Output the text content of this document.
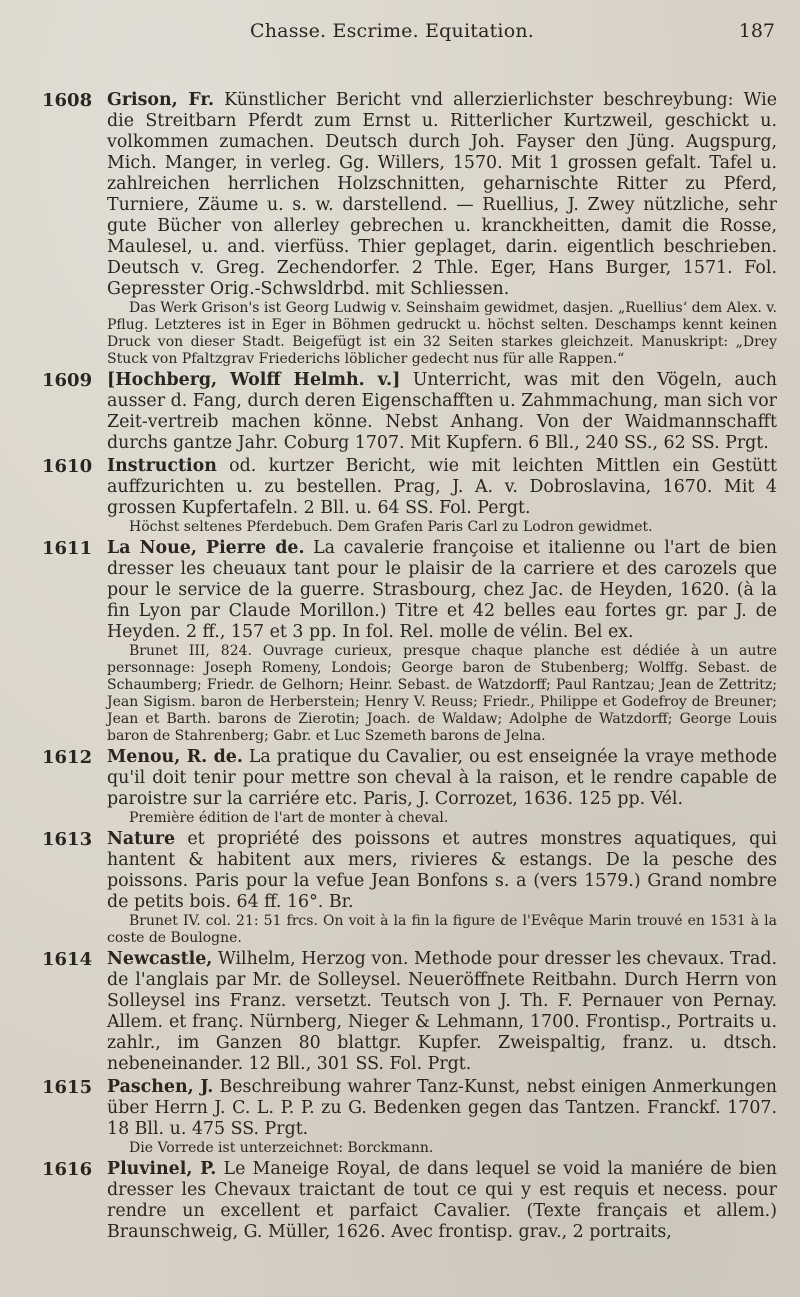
Chasse. Escrime. Equitation.	187
1608 Grison, Fr. Künstlicher Bericht vnd allerzierlichster beschreybung: Wie die Streitbarn Pferdt zum Ernst u. Ritterlicher Kurtzweil, geschickt u. volkommen zumachen. Deutsch durch Joh. Fayser den Jüng. Augspurg, Mich. Manger, in verleg. Gg. Willers, 1570. Mit 1 grossen gefalt. Tafel u. zahlreichen herrlichen Holzschnitten, geharnischte Ritter zu Pferd, Turniere, Zäume u. s. w. darstellend. — Ruellius, J. Zwey nützliche, sehr gute Bücher von allerley gebrechen u. kranckheitten, damit die Rosse, Maulesel, u. and. vierfüss. Thier geplaget, darin. eigentlich beschrieben. Deutsch v. Greg. Zechendorfer. 2 Thle. Eger, Hans Burger, 1571. Fol. Gepresster Orig.-Schwsldrbd. mit Schliessen.
Das Werk Grison's ist Georg Ludwig v. Seinshaim gewidmet, dasjen. „Ruellius‘ dem Alex. v. Pflug. Letzteres ist in Eger in Böhmen gedruckt u. höchst selten. Deschamps kennt keinen Druck von dieser Stadt. Beigefügt ist ein 32 Seiten starkes gleichzeit. Manuskript: „Drey Stuck von Pfaltzgrav Friederichs löblicher gedecht nus für alle Rappen.“
1609 [Hochberg, Wolff Helmh. v.] Unterricht, was mit den Vögeln, auch ausser d. Fang, durch deren Eigenschafften u. Zahmmachung, man sich vor Zeit-vertreib machen könne. Nebst Anhang. Von der Waidmannschafft durchs gantze Jahr. Coburg 1707. Mit Kupfern. 6 Bll., 240 SS., 62 SS. Prgt.
1610 Instruction od. kurtzer Bericht, wie mit leichten Mittlen ein Gestütt auffzurichten u. zu bestellen. Prag, J. A. v. Dobroslavina, 1670. Mit 4 grossen Kupfertafeln. 2 Bll. u. 64 SS. Fol. Pergt.
Höchst seltenes Pferdebuch. Dem Grafen Paris Carl zu Lodron gewidmet.
1611 La Noue, Pierre de. La cavalerie françoise et italienne ou l'art de bien dresser les cheuaux tant pour le plaisir de la carriere et des carozels que pour le service de la guerre. Strasbourg, chez Jac. de Heyden, 1620. (à la fin Lyon par Claude Morillon.) Titre et 42 belles eau fortes gr. par J. de Heyden. 2 ff., 157 et 3 pp. In fol. Rel. molle de vélin. Bel ex.
Brunet III, 824. Ouvrage curieux, presque chaque planche est dédiée à un autre personnage: Joseph Romeny, Londois; George baron de Stubenberg; Wolffg. Sebast. de Schaumberg; Friedr. de Gelhorn; Heinr. Sebast. de Watzdorff; Paul Rantzau; Jean de Zettritz; Jean Sigism. baron de Herberstein; Henry V. Reuss; Friedr., Philippe et Godefroy de Breuner; Jean et Barth. barons de Zierotin; Joach. de Waldaw; Adolphe de Watzdorff; George Louis baron de Stahrenberg; Gabr. et Luc Szemeth barons de Jelna.
1612 Menou, R. de. La pratique du Cavalier, ou est enseignée la vraye methode qu'il doit tenir pour mettre son cheval à la raison, et le rendre capable de paroistre sur la carriére etc. Paris, J. Corrozet, 1636. 125 pp. Vél.
Première édition de l'art de monter à cheval.
1613 Nature et propriété des poissons et autres monstres aquatiques, qui hantent & habitent aux mers, rivieres & estangs. De la pesche des poissons. Paris pour la vefue Jean Bonfons s. a (vers 1579.) Grand nombre de petits bois. 64 ff. 16°. Br.
Brunet IV. col. 21: 51 frcs. On voit à la fin la figure de l'Evêque Marin trouvé en 1531 à la coste de Boulogne.
1614 Newcastle, Wilhelm, Herzog von. Methode pour dresser les chevaux. Trad. de l'anglais par Mr. de Solleysel. Neueröffnete Reitbahn. Durch Herrn von Solleysel ins Franz. versetzt. Teutsch von J. Th. F. Pernauer von Pernay. Allem. et franç. Nürnberg, Nieger & Lehmann, 1700. Frontisp., Portraits u. zahlr., im Ganzen 80 blattgr. Kupfer. Zweispaltig, franz. u. dtsch. nebeneinander. 12 Bll., 301 SS. Fol. Prgt.
1615 Paschen, J. Beschreibung wahrer Tanz-Kunst, nebst einigen Anmerkungen über Herrn J. C. L. P. P. zu G. Bedenken gegen das Tantzen. Franckf. 1707. 18 Bll. u. 475 SS. Prgt.
Die Vorrede ist unterzeichnet: Borckmann.
1616 Pluvinel, P. Le Maneige Royal, de dans lequel se void la maniére de bien dresser les Chevaux traictant de tout ce qui y est requis et necess. pour rendre un excellent et parfaict Cavalier. (Texte français et allem.) Braunschweig, G. Müller, 1626. Avec frontisp. grav., 2 portraits,
